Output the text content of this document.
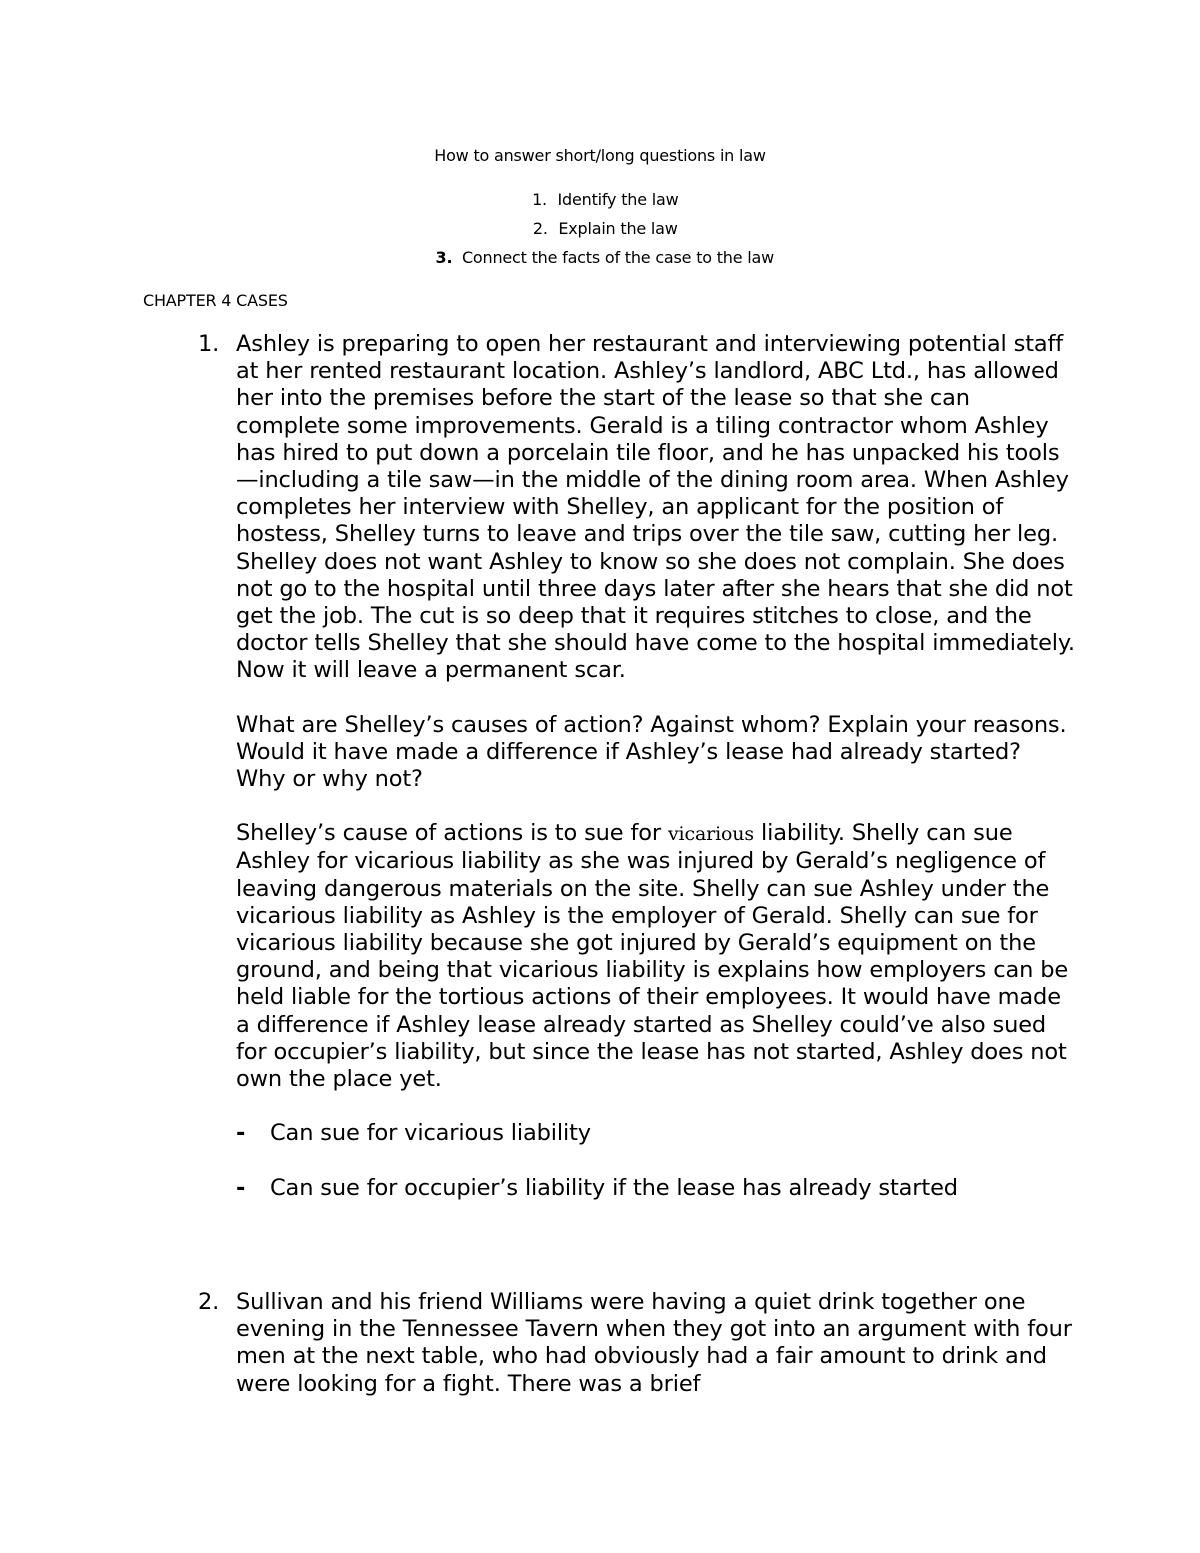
How to answer short/long questions in law
1. Identify the law
2. Explain the law
3. Connect the facts of the case to the law
CHAPTER 4 CASES
1. Ashley is preparing to open her restaurant and interviewing potential staff at her rented restaurant location. Ashley’s landlord, ABC Ltd., has allowed her into the premises before the start of the lease so that she can complete some improvements. Gerald is a tiling contractor whom Ashley has hired to put down a porcelain tile floor, and he has unpacked his tools—including a tile saw—in the middle of the dining room area. When Ashley completes her interview with Shelley, an applicant for the position of hostess, Shelley turns to leave and trips over the tile saw, cutting her leg. Shelley does not want Ashley to know so she does not complain. She does not go to the hospital until three days later after she hears that she did not get the job. The cut is so deep that it requires stitches to close, and the doctor tells Shelley that she should have come to the hospital immediately. Now it will leave a permanent scar.

What are Shelley’s causes of action? Against whom? Explain your reasons. Would it have made a difference if Ashley’s lease had already started? Why or why not?

Shelley’s cause of actions is to sue for vicarious liability. Shelly can sue Ashley for vicarious liability as she was injured by Gerald’s negligence of leaving dangerous materials on the site. Shelly can sue Ashley under the vicarious liability as Ashley is the employer of Gerald. Shelly can sue for vicarious liability because she got injured by Gerald’s equipment on the ground, and being that vicarious liability is explains how employers can be held liable for the tortious actions of their employees. It would have made a difference if Ashley lease already started as Shelley could’ve also sued for occupier’s liability, but since the lease has not started, Ashley does not own the place yet.

- Can sue for vicarious liability
- Can sue for occupier’s liability if the lease has already started
2. Sullivan and his friend Williams were having a quiet drink together one evening in the Tennessee Tavern when they got into an argument with four men at the next table, who had obviously had a fair amount to drink and were looking for a fight. There was a brief
